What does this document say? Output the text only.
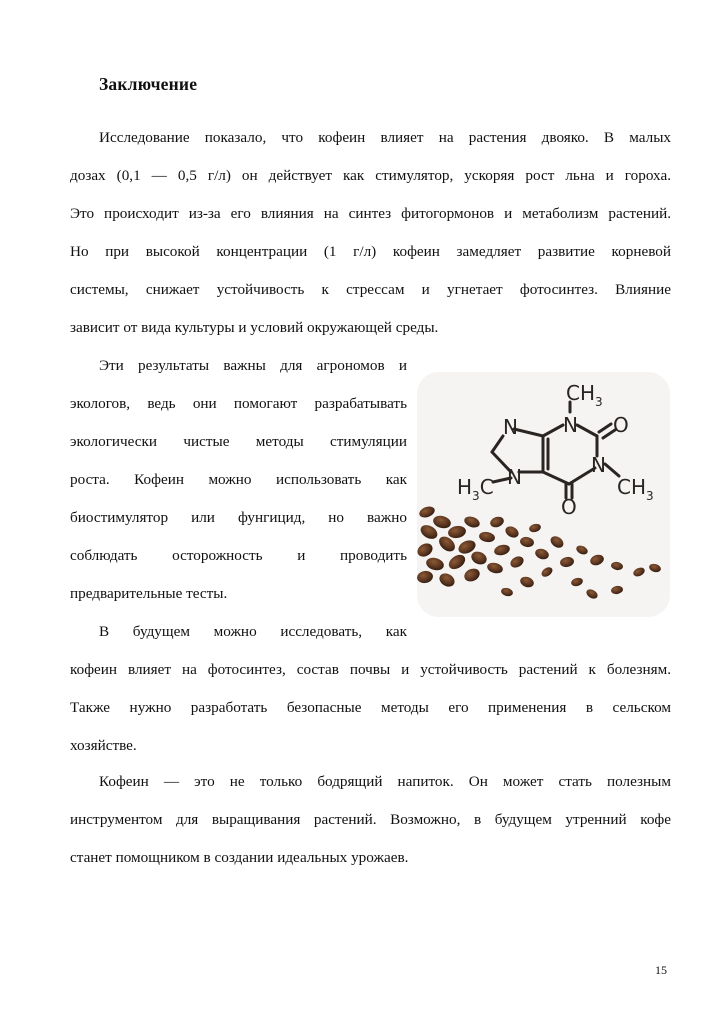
Заключение
Исследование показало, что кофеин влияет на растения двояко. В малых
дозах (0,1 — 0,5 г/л) он действует как стимулятор, ускоряя рост льна и гороха.
Это происходит из-за его влияния на синтез фитогормонов и метаболизм растений.
Но при высокой концентрации (1 г/л) кофеин замедляет развитие корневой
системы, снижает устойчивость к стрессам и угнетает фотосинтез. Влияние
зависит от вида культуры и условий окружающей среды.
Эти результаты важны для агрономов и
экологов, ведь они помогают разрабатывать
экологически чистые методы стимуляции
роста. Кофеин можно использовать как
биостимулятор или фунгицид, но важно
соблюдать осторожность и проводить
предварительные тесты.
В будущем можно исследовать, как
кофеин влияет на фотосинтез, состав почвы и устойчивость растений к болезням.
Также нужно разработать безопасные методы его применения в сельском
хозяйстве.
Кофеин — это не только бодрящий напиток. Он может стать полезным
инструментом для выращивания растений. Возможно, в будущем утренний кофе
станет помощником в создании идеальных урожаев.
$CH_3$
N N O
N
N	$CH_3$
$H_3C$
O
15
